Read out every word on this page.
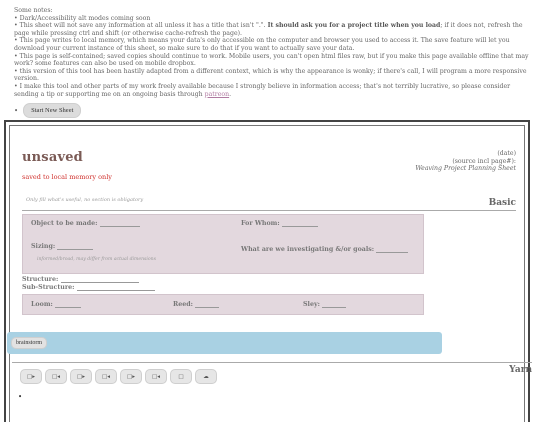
Some notes:
• Dark/Accessibility alt modes coming soon
• This sheet will not save any information at all unless it has a title that isn't ".". It should ask you for a project title when you load; if it does not, refresh the page while pressing ctrl and shift (or otherwise cache-refresh the page).
• This page writes to local memory, which means your data's only accessible on the computer and browser you used to access it. The save feature will let you download your current instance of this sheet, so make sure to do that if you want to actually save your data.
• This page is self-contained; saved copies should continue to work. Mobile users, you can't open html files raw, but if you make this page available offline that may work? some features can also be used on mobile dropbox.
• this version of this tool has been hastily adapted from a different context, which is why the appearance is wonky; if there's call, I will program a more responsive version.
• I make this tool and other parts of my work freely available because I strongly believe in information access; that's not terribly lucrative, so please consider sending a tip or supporting me on an ongoing basis through patreon.
•	Start New Sheet
unsaved
saved to local memory only
(date)
(source incl page#):
Weaving Project Planning Sheet
Only fill what's useful, no section is obligatory	Basic
Object to be made:	For Whom:
Sizing:
informed/broad, may differ from actual dimensions
What are we investigating &/or goals:
Structure:
Sub-Structure:
Loom:	Reed:	Sley:
brainstorm
Yarn
□▸	□◂	□▸	□◂	□▸	□◂	□	☁
•
